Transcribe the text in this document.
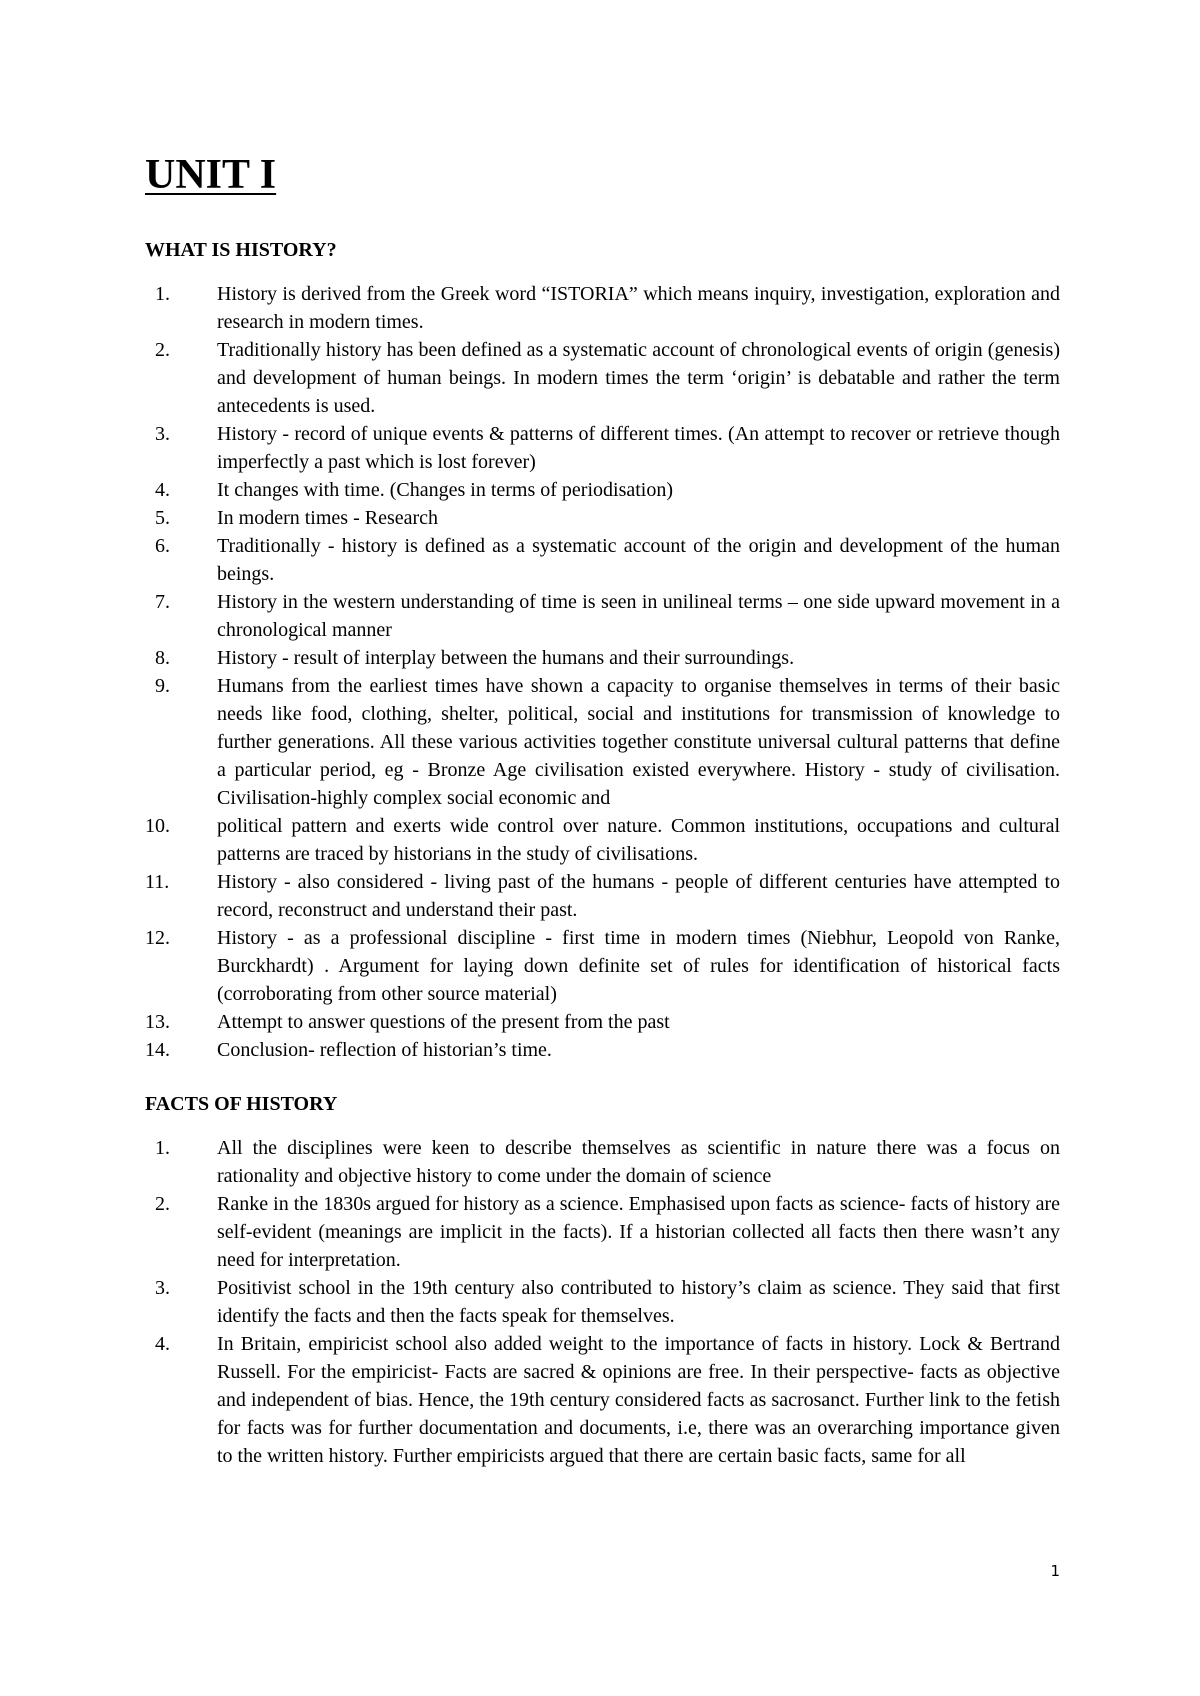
UNIT I
WHAT IS HISTORY?
1.	History is derived from the Greek word “ISTORIA” which means inquiry, investigation, exploration and research in modern times.
2.	Traditionally history has been defined as a systematic account of chronological events of origin (genesis) and development of human beings. In modern times the term ‘origin’ is debatable and rather the term antecedents is used.
3.	History - record of unique events & patterns of different times. (An attempt to recover or retrieve though imperfectly a past which is lost forever)
4.	It changes with time. (Changes in terms of periodisation)
5.	In modern times - Research
6.	Traditionally - history is defined as a systematic account of the origin and development of the human beings.
7.	History in the western understanding of time is seen in unilineal terms – one side upward movement in a chronological manner
8.	History - result of interplay between the humans and their surroundings.
9.	Humans from the earliest times have shown a capacity to organise themselves in terms of their basic needs like food, clothing, shelter, political, social and institutions for transmission of knowledge to further generations. All these various activities together constitute universal cultural patterns that define a particular period, eg - Bronze Age civilisation existed everywhere. History - study of civilisation. Civilisation-highly complex social economic and
10.	political pattern and exerts wide control over nature. Common institutions, occupations and cultural patterns are traced by historians in the study of civilisations.
11.	History - also considered - living past of the humans - people of different centuries have attempted to record, reconstruct and understand their past.
12.	History - as a professional discipline - first time in modern times (Niebhur, Leopold von Ranke, Burckhardt) . Argument for laying down definite set of rules for identification of historical facts (corroborating from other source material)
13.	Attempt to answer questions of the present from the past
14.	Conclusion- reflection of historian’s time.
FACTS OF HISTORY
1.	All the disciplines were keen to describe themselves as scientific in nature there was a focus on rationality and objective history to come under the domain of science
2.	Ranke in the 1830s argued for history as a science. Emphasised upon facts as science- facts of history are self-evident (meanings are implicit in the facts). If a historian collected all facts then there wasn’t any need for interpretation.
3.	Positivist school in the 19th century also contributed to history’s claim as science. They said that first identify the facts and then the facts speak for themselves.
4.	In Britain, empiricist school also added weight to the importance of facts in history. Lock & Bertrand Russell. For the empiricist- Facts are sacred & opinions are free. In their perspective- facts as objective and independent of bias. Hence, the 19th century considered facts as sacrosanct. Further link to the fetish for facts was for further documentation and documents, i.e, there was an overarching importance given to the written history. Further empiricists argued that there are certain basic facts, same for all
1
